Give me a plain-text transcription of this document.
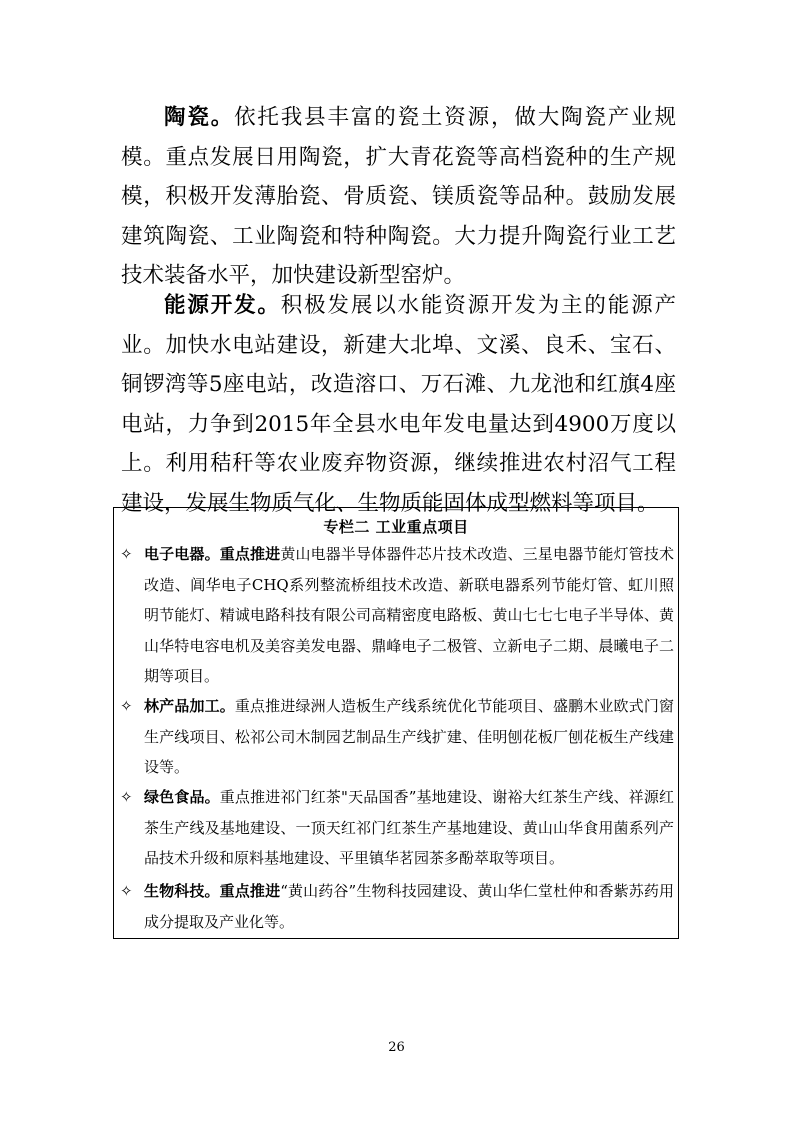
陶瓷。依托我县丰富的瓷土资源，做大陶瓷产业规模。重点发展日用陶瓷，扩大青花瓷等高档瓷种的生产规模，积极开发薄胎瓷、骨质瓷、镁质瓷等品种。鼓励发展建筑陶瓷、工业陶瓷和特种陶瓷。大力提升陶瓷行业工艺技术装备水平，加快建设新型窑炉。

能源开发。积极发展以水能资源开发为主的能源产业。加快水电站建设，新建大北埠、文溪、良禾、宝石、铜锣湾等5座电站，改造溶口、万石滩、九龙池和红旗4座电站，力争到2015年全县水电年发电量达到4900万度以上。利用秸秆等农业废弃物资源，继续推进农村沼气工程建设，发展生物质气化、生物质能固体成型燃料等项目。

专栏二 工业重点项目
✧ 电子电器。重点推进黄山电器半导体器件芯片技术改造、三星电器节能灯管技术改造、阊华电子CHQ系列整流桥组技术改造、新联电器系列节能灯管、虹川照明节能灯、精诚电路科技有限公司高精密度电路板、黄山七七七电子半导体、黄山华特电容电机及美容美发电器、鼎峰电子二极管、立新电子二期、晨曦电子二期等项目。
✧ 林产品加工。重点推进绿洲人造板生产线系统优化节能项目、盛鹏木业欧式门窗生产线项目、松祁公司木制园艺制品生产线扩建、佳明刨花板厂刨花板生产线建设等。
✧ 绿色食品。重点推进祁门红茶"天品国香”基地建设、谢裕大红茶生产线、祥源红茶生产线及基地建设、一顶天红祁门红茶生产基地建设、黄山山华食用菌系列产品技术升级和原料基地建设、平里镇华茗园茶多酚萃取等项目。
✧ 生物科技。重点推进“黄山药谷”生物科技园建设、黄山华仁堂杜仲和香紫苏药用成分提取及产业化等。
26
